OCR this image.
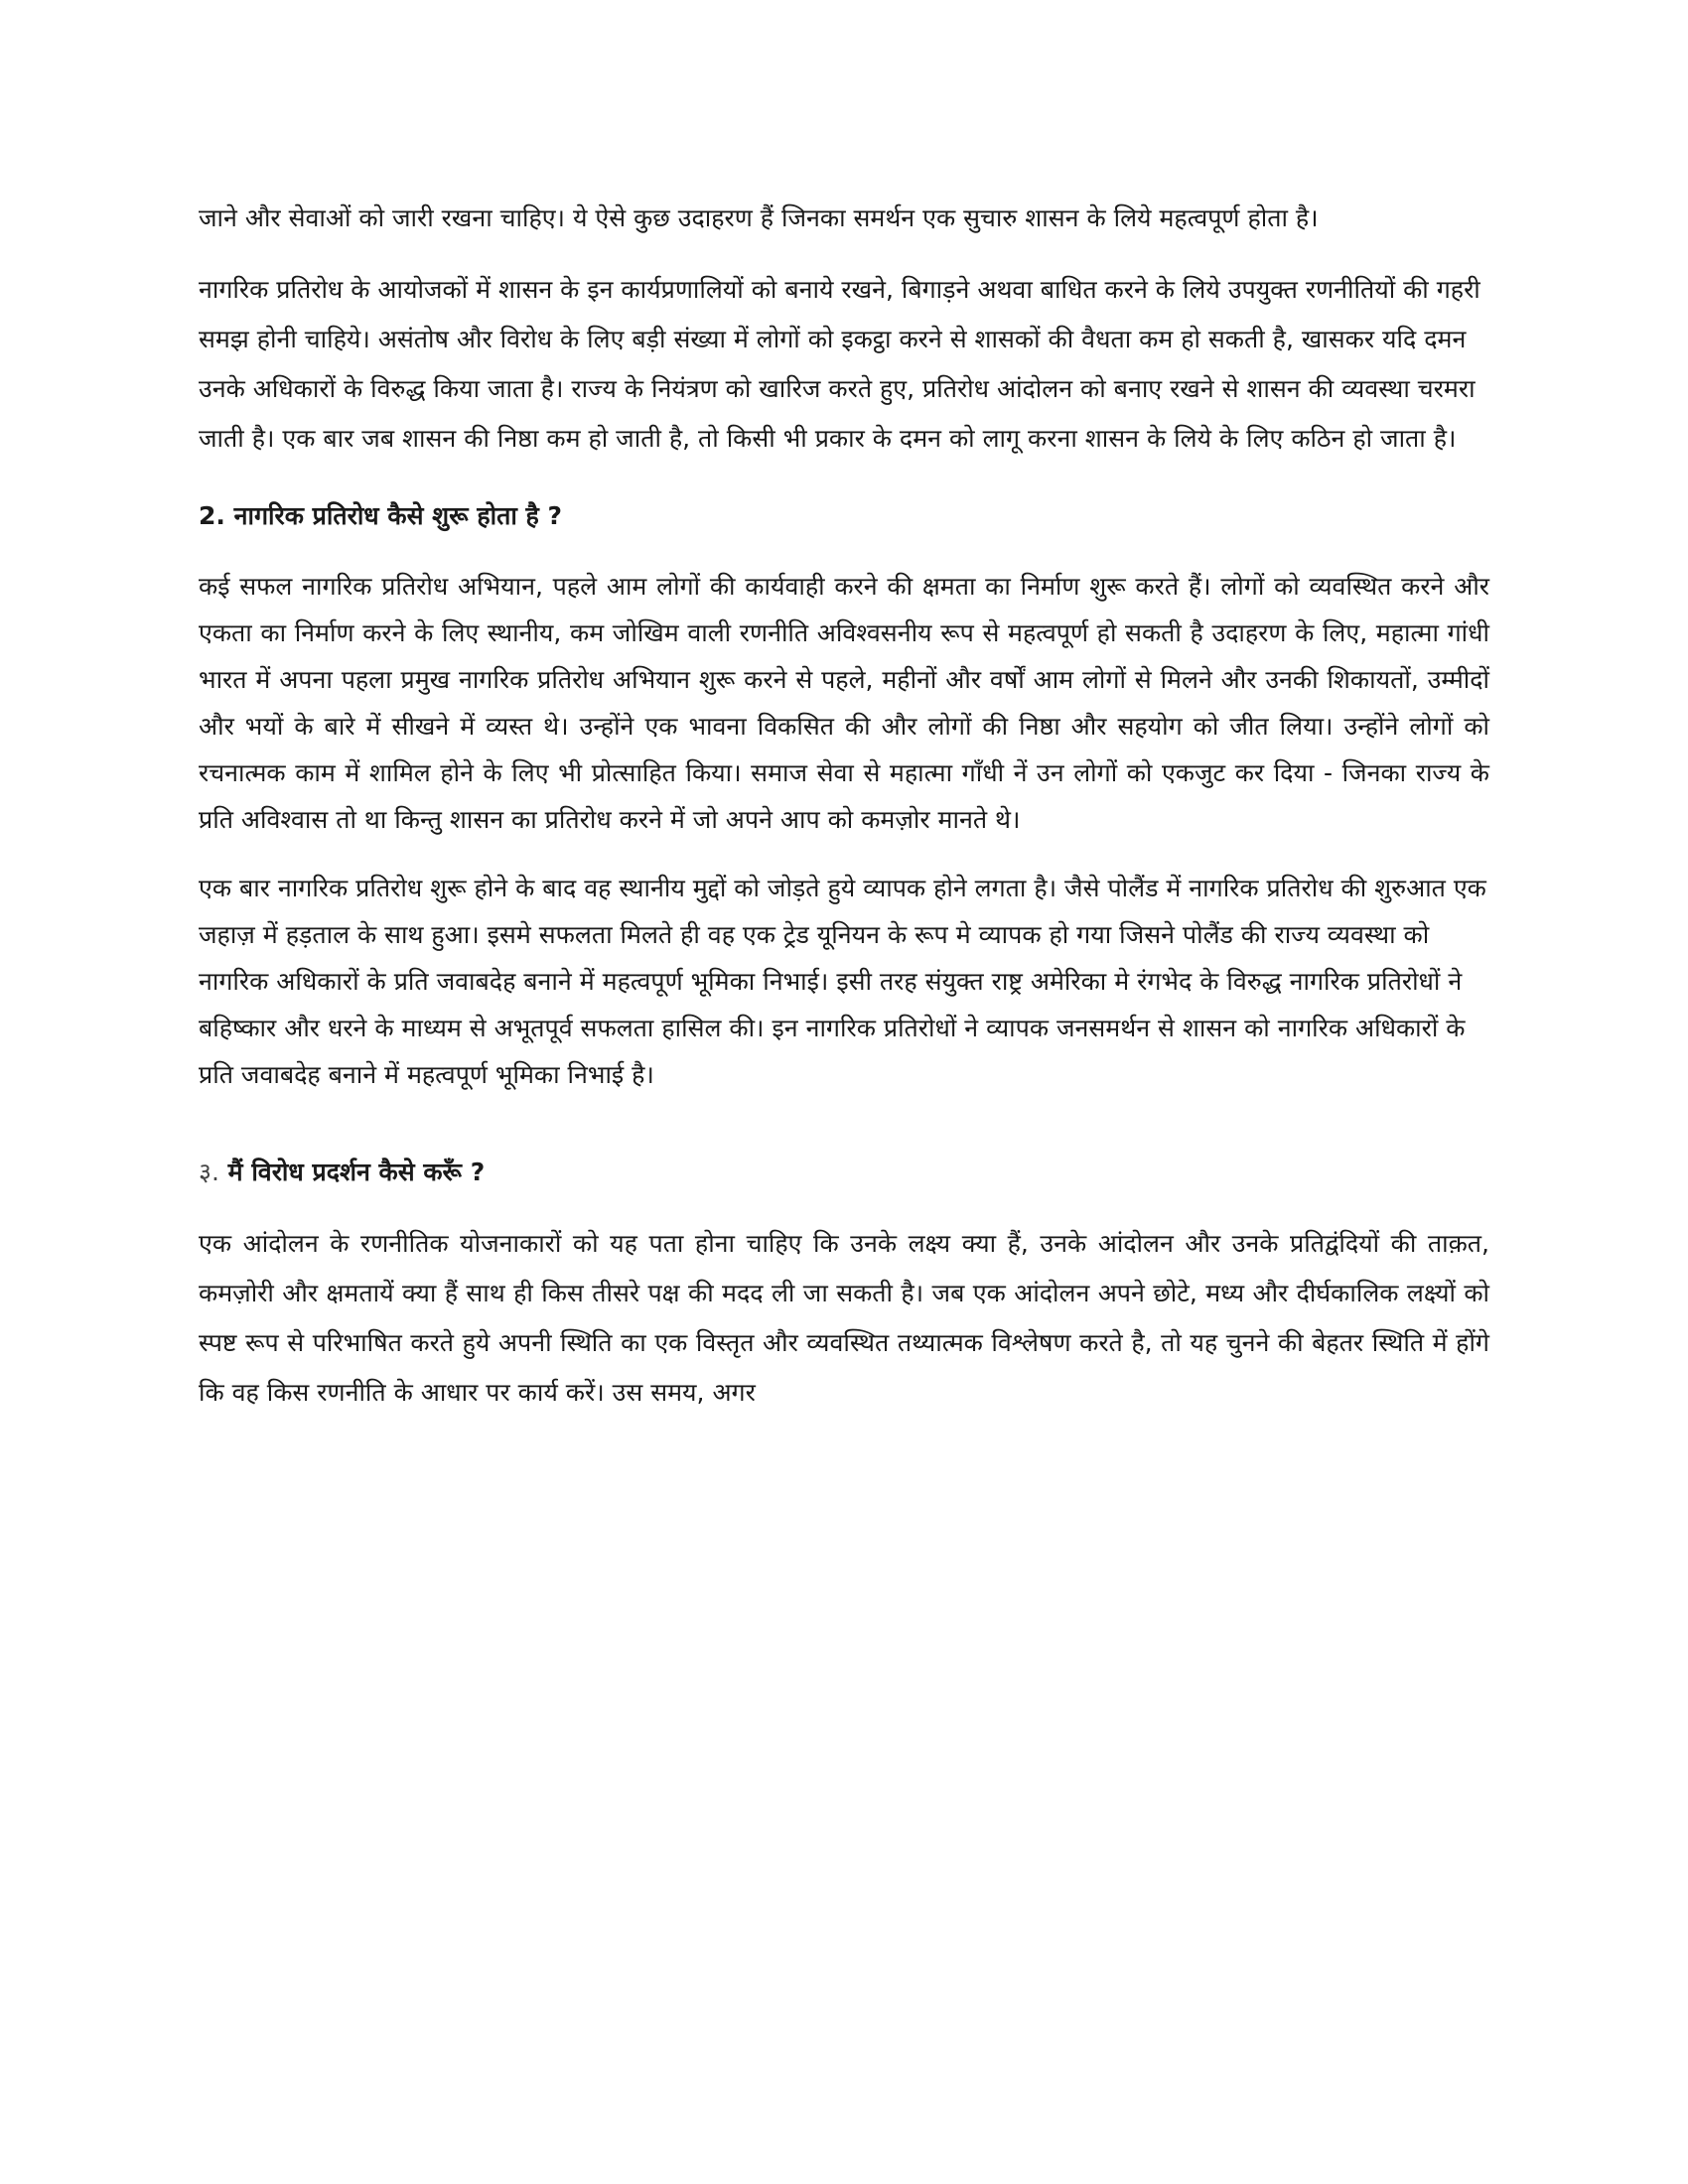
जाने और सेवाओं को जारी रखना चाहिए। ये ऐसे कुछ उदाहरण हैं जिनका समर्थन एक सुचारु शासन के लिये महत्वपूर्ण होता है।

नागरिक प्रतिरोध के आयोजकों में शासन के इन कार्यप्रणालियों को बनाये रखने, बिगाड़ने अथवा बाधित करने के लिये उपयुक्त रणनीतियों की गहरी समझ होनी चाहिये। असंतोष और विरोध के लिए बड़ी संख्या में लोगों को इकट्ठा करने से शासकों की वैधता कम हो सकती है, खासकर यदि दमन उनके अधिकारों के विरुद्ध किया जाता है। राज्य के नियंत्रण को खारिज करते हुए, प्रतिरोध आंदोलन को बनाए रखने से शासन की व्यवस्था चरमरा जाती है। एक बार जब शासन की निष्ठा कम हो जाती है, तो किसी भी प्रकार के दमन को लागू करना शासन के लिये के लिए कठिन हो जाता है।

2. नागरिक प्रतिरोध कैसे शुरू होता है ?

कई सफल नागरिक प्रतिरोध अभियान, पहले आम लोगों की कार्यवाही करने की क्षमता का निर्माण शुरू करते हैं। लोगों को व्यवस्थित करने और एकता का निर्माण करने के लिए स्थानीय, कम जोखिम वाली रणनीति अविश्वसनीय रूप से महत्वपूर्ण हो सकती है उदाहरण के लिए, महात्मा गांधी भारत में अपना पहला प्रमुख नागरिक प्रतिरोध अभियान शुरू करने से पहले, महीनों और वर्षों आम लोगों से मिलने और उनकी शिकायतों, उम्मीदों और भयों के बारे में सीखने में व्यस्त थे। उन्होंने एक भावना विकसित की और लोगों की निष्ठा और सहयोग को जीत लिया। उन्होंने लोगों को रचनात्मक काम में शामिल होने के लिए भी प्रोत्साहित किया। समाज सेवा से महात्मा गाँधी नें उन लोगों को एकजुट कर दिया - जिनका राज्य के प्रति अविश्वास तो था किन्तु शासन का प्रतिरोध करने में जो अपने आप को कमज़ोर मानते थे।

एक बार नागरिक प्रतिरोध शुरू होने के बाद वह स्थानीय मुद्दों को जोड़ते हुये व्यापक होने लगता है। जैसे पोलैंड में नागरिक प्रतिरोध की शुरुआत एक जहाज़ में हड़ताल के साथ हुआ। इसमे सफलता मिलते ही वह एक ट्रेड यूनियन के रूप मे व्यापक हो गया जिसने पोलैंड की राज्य व्यवस्था को नागरिक अधिकारों के प्रति जवाबदेह बनाने में महत्वपूर्ण भूमिका निभाई। इसी तरह संयुक्त राष्ट्र अमेरिका मे रंगभेद के विरुद्ध नागरिक प्रतिरोधों ने बहिष्कार और धरने के माध्यम से अभूतपूर्व सफलता हासिल की। इन नागरिक प्रतिरोधों ने व्यापक जनसमर्थन से शासन को नागरिक अधिकारों के प्रति जवाबदेह बनाने में महत्वपूर्ण भूमिका निभाई है।

३. मैं विरोध प्रदर्शन कैसे करूँ ?

एक आंदोलन के रणनीतिक योजनाकारों को यह पता होना चाहिए कि उनके लक्ष्य क्या हैं, उनके आंदोलन और उनके प्रतिद्वंदियों की ताक़त, कमज़ोरी और क्षमतायें क्या हैं साथ ही किस तीसरे पक्ष की मदद ली जा सकती है। जब एक आंदोलन अपने छोटे, मध्य और दीर्घकालिक लक्ष्यों को स्पष्ट रूप से परिभाषित करते हुये अपनी स्थिति का एक विस्तृत और व्यवस्थित तथ्यात्मक विश्लेषण करते है, तो यह चुनने की बेहतर स्थिति में होंगे कि वह किस रणनीति के आधार पर कार्य करें। उस समय, अगर
